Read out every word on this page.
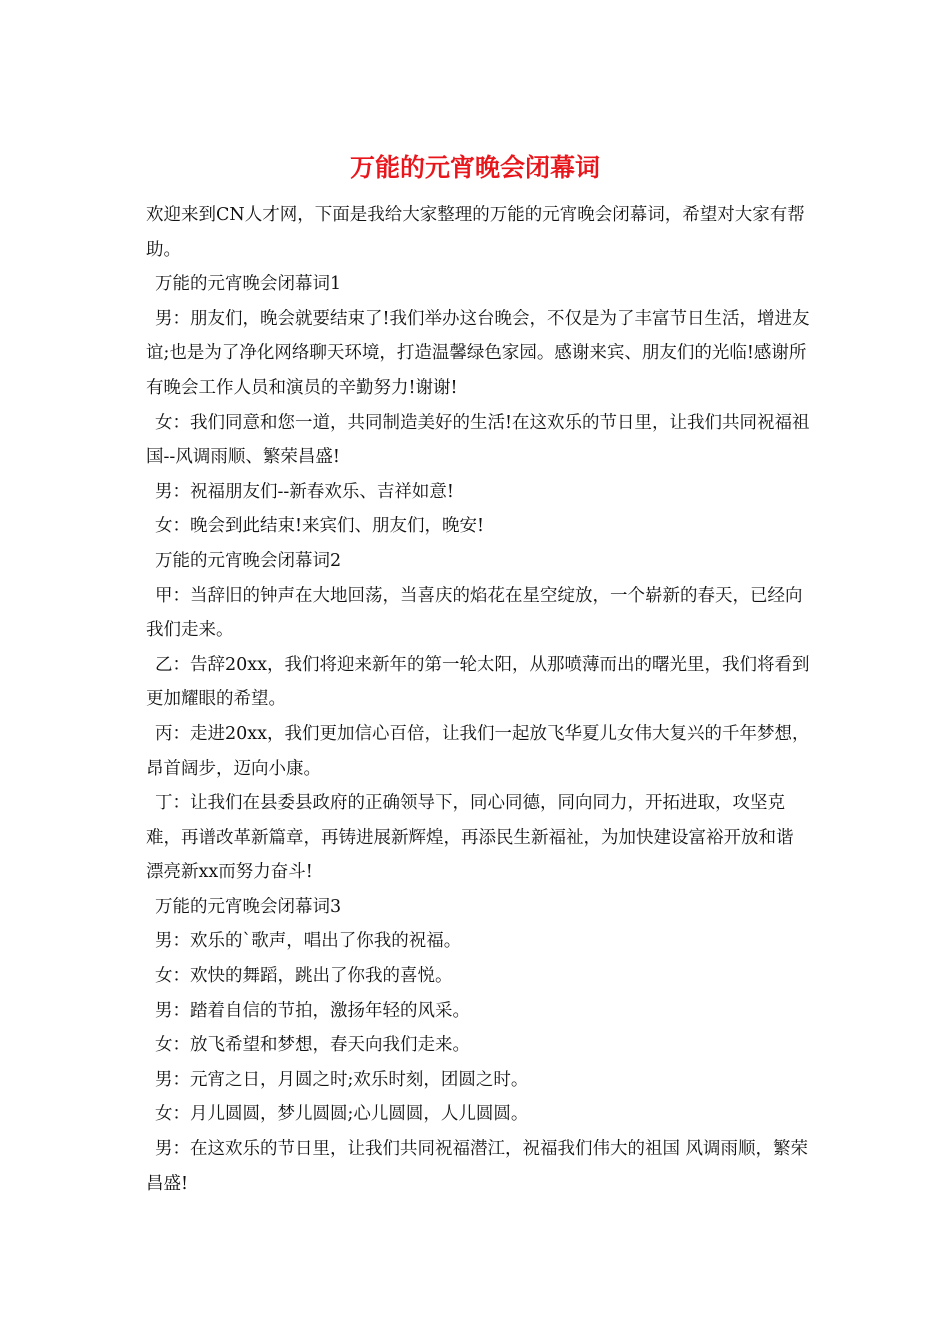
万能的元宵晚会闭幕词

欢迎来到CN人才网，下面是我给大家整理的万能的元宵晚会闭幕词，希望对大家有帮助。

万能的元宵晚会闭幕词1

男：朋友们，晚会就要结束了!我们举办这台晚会，不仅是为了丰富节日生活，增进友谊;也是为了净化网络聊天环境，打造温馨绿色家园。感谢来宾、朋友们的光临!感谢所有晚会工作人员和演员的辛勤努力!谢谢!

女：我们同意和您一道，共同制造美好的生活!在这欢乐的节日里，让我们共同祝福祖国--风调雨顺、繁荣昌盛!

男：祝福朋友们--新春欢乐、吉祥如意!

女：晚会到此结束!来宾们、朋友们，晚安!

万能的元宵晚会闭幕词2

甲：当辞旧的钟声在大地回荡，当喜庆的焰花在星空绽放，一个崭新的春天，已经向我们走来。

乙：告辞20xx，我们将迎来新年的第一轮太阳，从那喷薄而出的曙光里，我们将看到更加耀眼的希望。

丙：走进20xx，我们更加信心百倍，让我们一起放飞华夏儿女伟大复兴的千年梦想，昂首阔步，迈向小康。

丁：让我们在县委县政府的正确领导下，同心同德，同向同力，开拓进取，攻坚克难，再谱改革新篇章，再铸进展新辉煌，再添民生新福祉，为加快建设富裕开放和谐漂亮新xx而努力奋斗!

万能的元宵晚会闭幕词3

男：欢乐的`歌声，唱出了你我的祝福。

女：欢快的舞蹈，跳出了你我的喜悦。

男：踏着自信的节拍，激扬年轻的风采。

女：放飞希望和梦想，春天向我们走来。

男：元宵之日，月圆之时;欢乐时刻，团圆之时。

女：月儿圆圆，梦儿圆圆;心儿圆圆，人儿圆圆。

男：在这欢乐的节日里，让我们共同祝福潜江，祝福我们伟大的祖国 风调雨顺，繁荣昌盛!
